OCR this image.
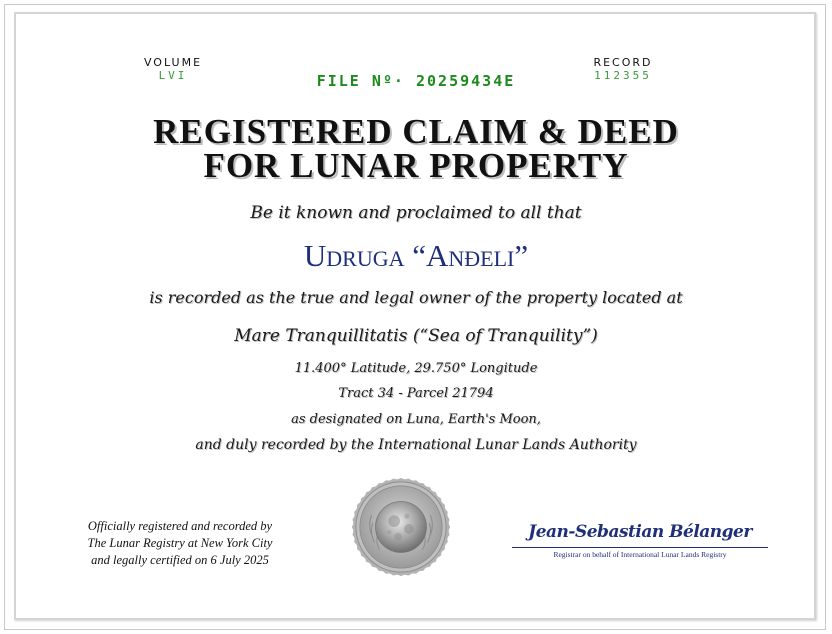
VOLUME
LVI
RECORD
112355
FILE Nº· 20259434E
REGISTERED CLAIM & DEED
FOR LUNAR PROPERTY
Be it known and proclaimed to all that
Udruga “Anđeli”
is recorded as the true and legal owner of the property located at
Mare Tranquillitatis (“Sea of Tranquility”)
11.400° Latitude, 29.750° Longitude
Tract 34 - Parcel 21794
as designated on Luna, Earth's Moon,
and duly recorded by the International Lunar Lands Authority
Officially registered and recorded by
The Lunar Registry at New York City
and legally certified on 6 July 2025
Jean-Sebastian Bélanger
Registrar on behalf of International Lunar Lands Registry
